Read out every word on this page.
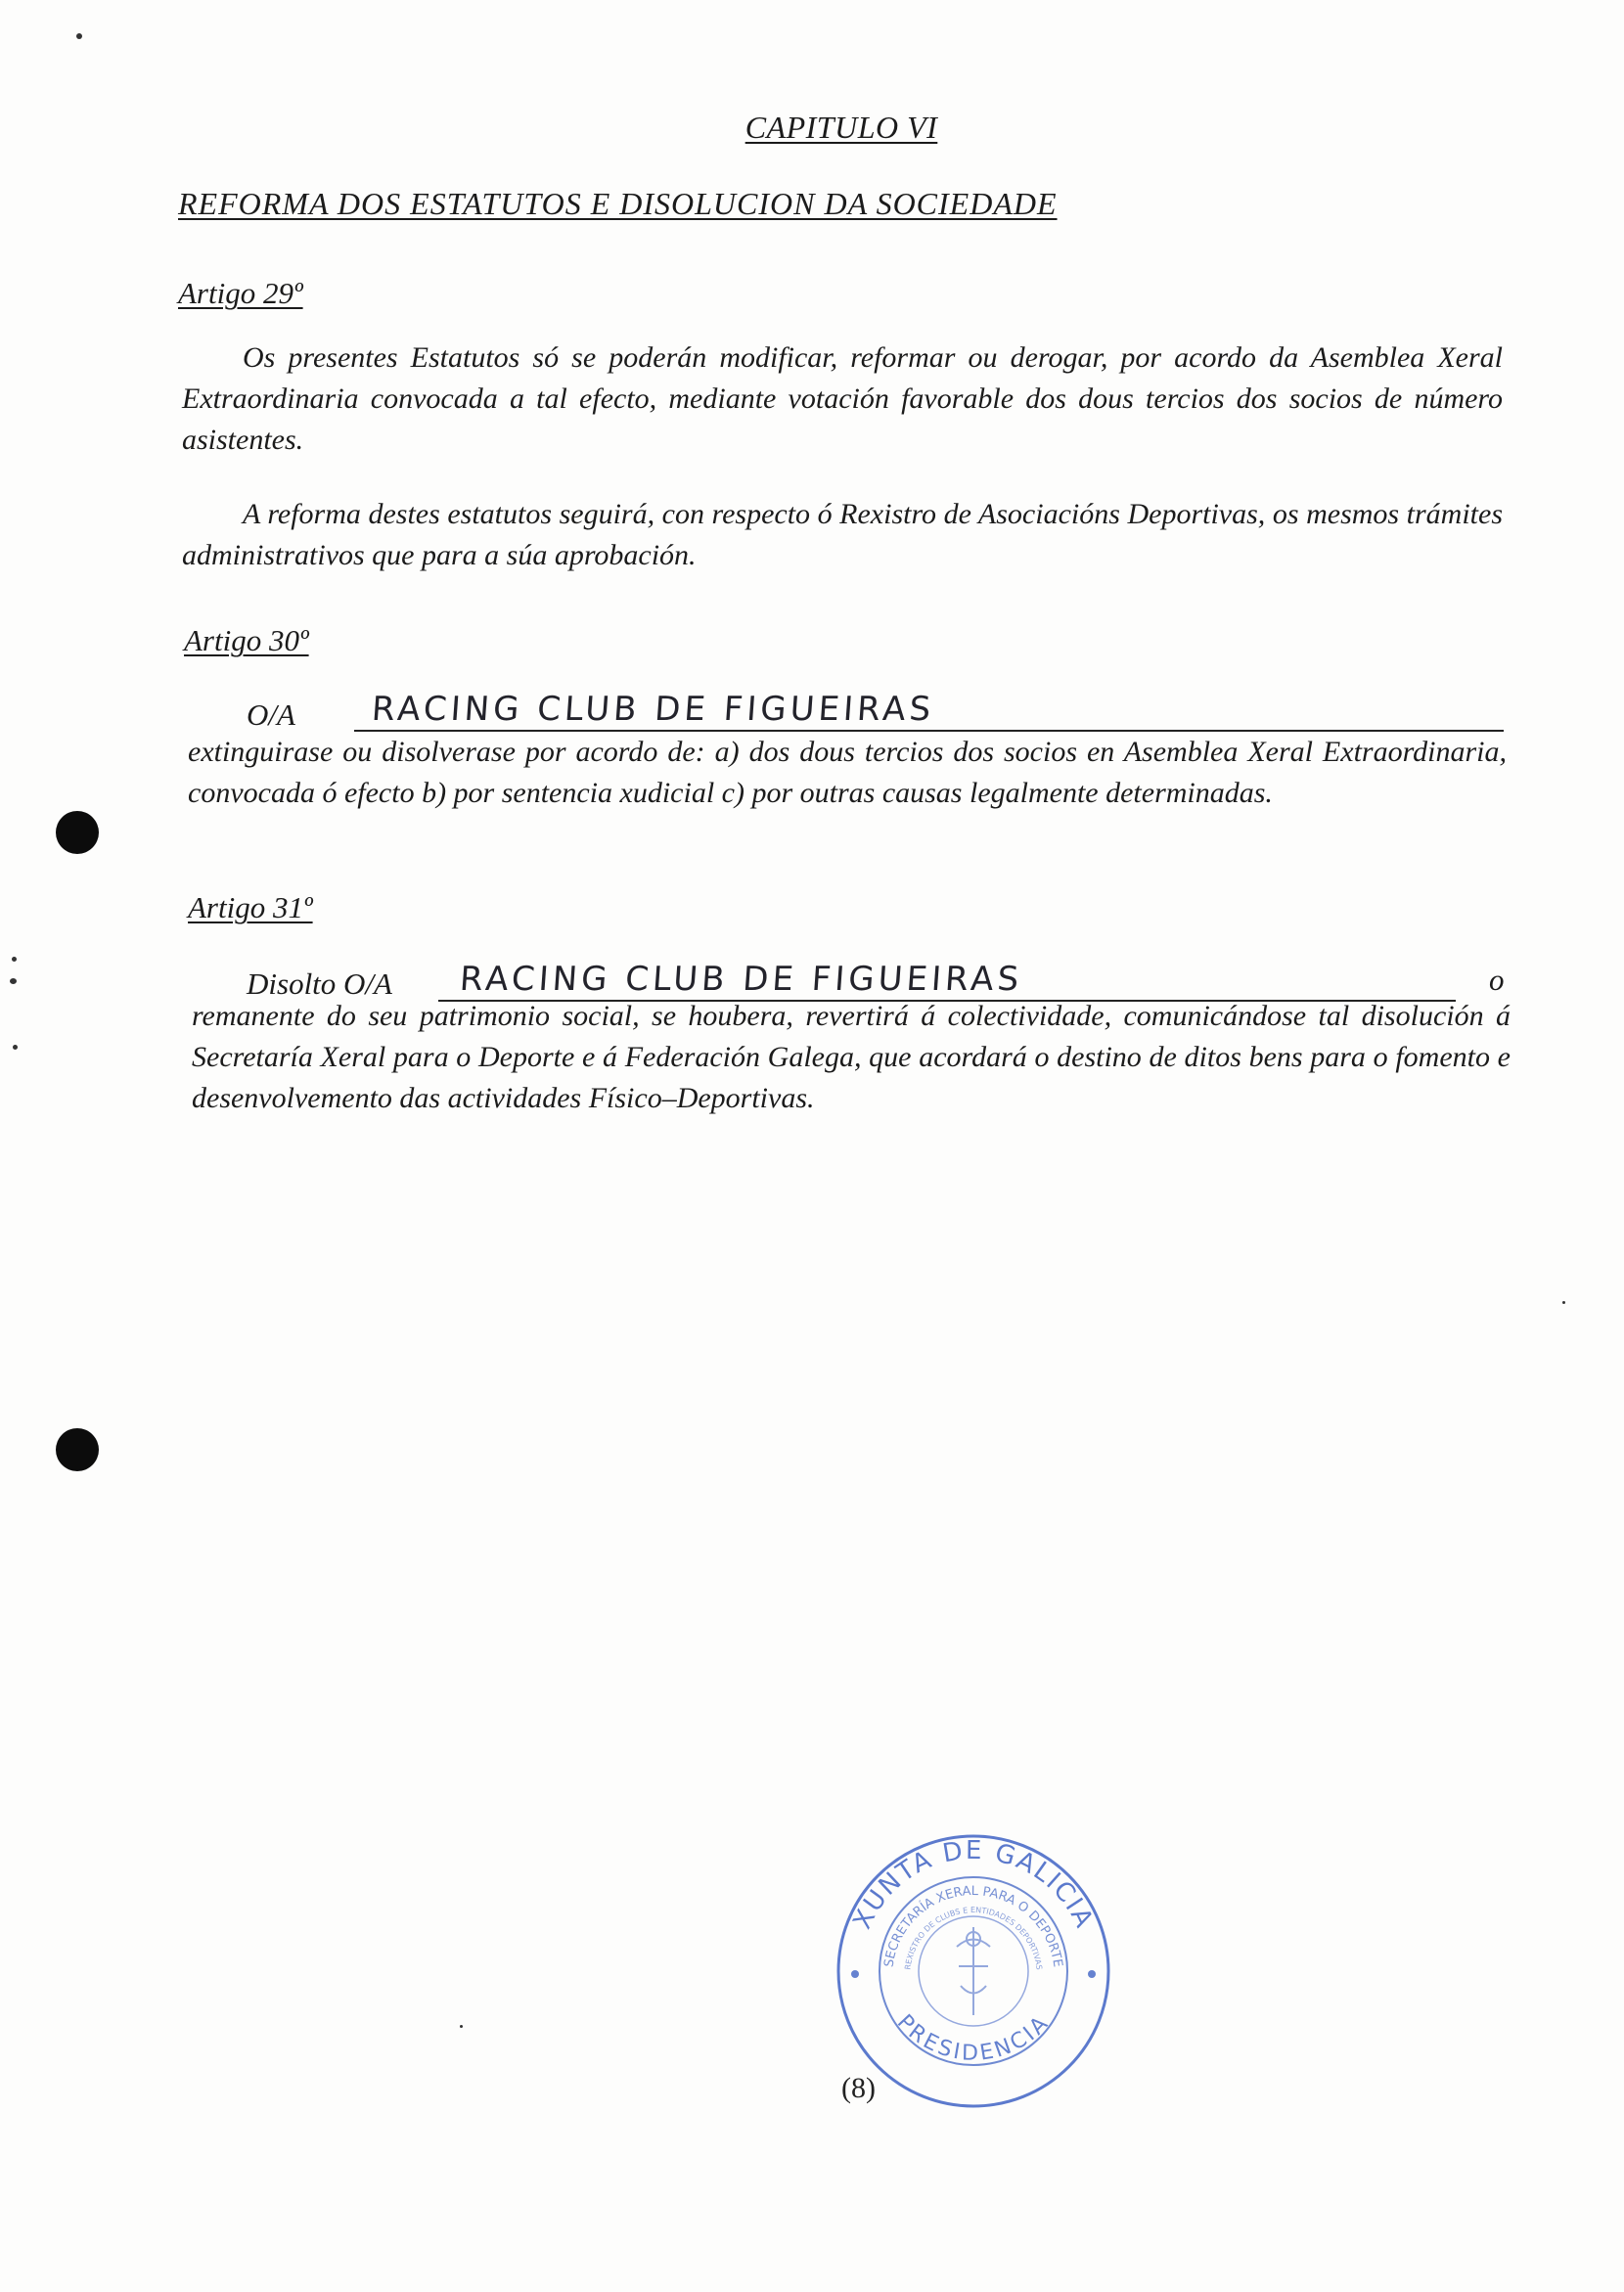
CAPITULO VI
REFORMA DOS ESTATUTOS E DISOLUCION DA SOCIEDADE
Artigo 29º
Os presentes Estatutos só se poderán modificar, reformar ou derogar, por acordo da Asemblea Xeral Extraordinaria convocada a tal efecto, mediante votación favorable dos dous tercios dos socios de número asistentes.
A reforma destes estatutos seguirá, con respecto ó Rexistro de Asociacións Deportivas, os mesmos trámites administrativos que para a súa aprobación.
Artigo 30º
O/A RACING CLUB DE FIGUEIRAS
extinguirase ou disolverase por acordo de: a) dos dous tercios dos socios en Asemblea Xeral Extraordinaria, convocada ó efecto b) por sentencia xudicial c) por outras causas legalmente determinadas.
Artigo 31º
Disolto O/A RACING CLUB DE FIGUEIRAS	o
remanente do seu patrimonio social, se houbera, revertirá á colectividade, comunicándose tal disolución á Secretaría Xeral para o Deporte e á Federación Galega, que acordará o destino de ditos bens para o fomento e desenvolvemento das actividades Físico–Deportivas.
XUNTA DE GALICIA
PRESIDENCIA
SECRETARÍA XERAL PARA O DEPORTE
REXISTRO DE CLUBS E ENTIDADES DEPORTIVAS
(8)
